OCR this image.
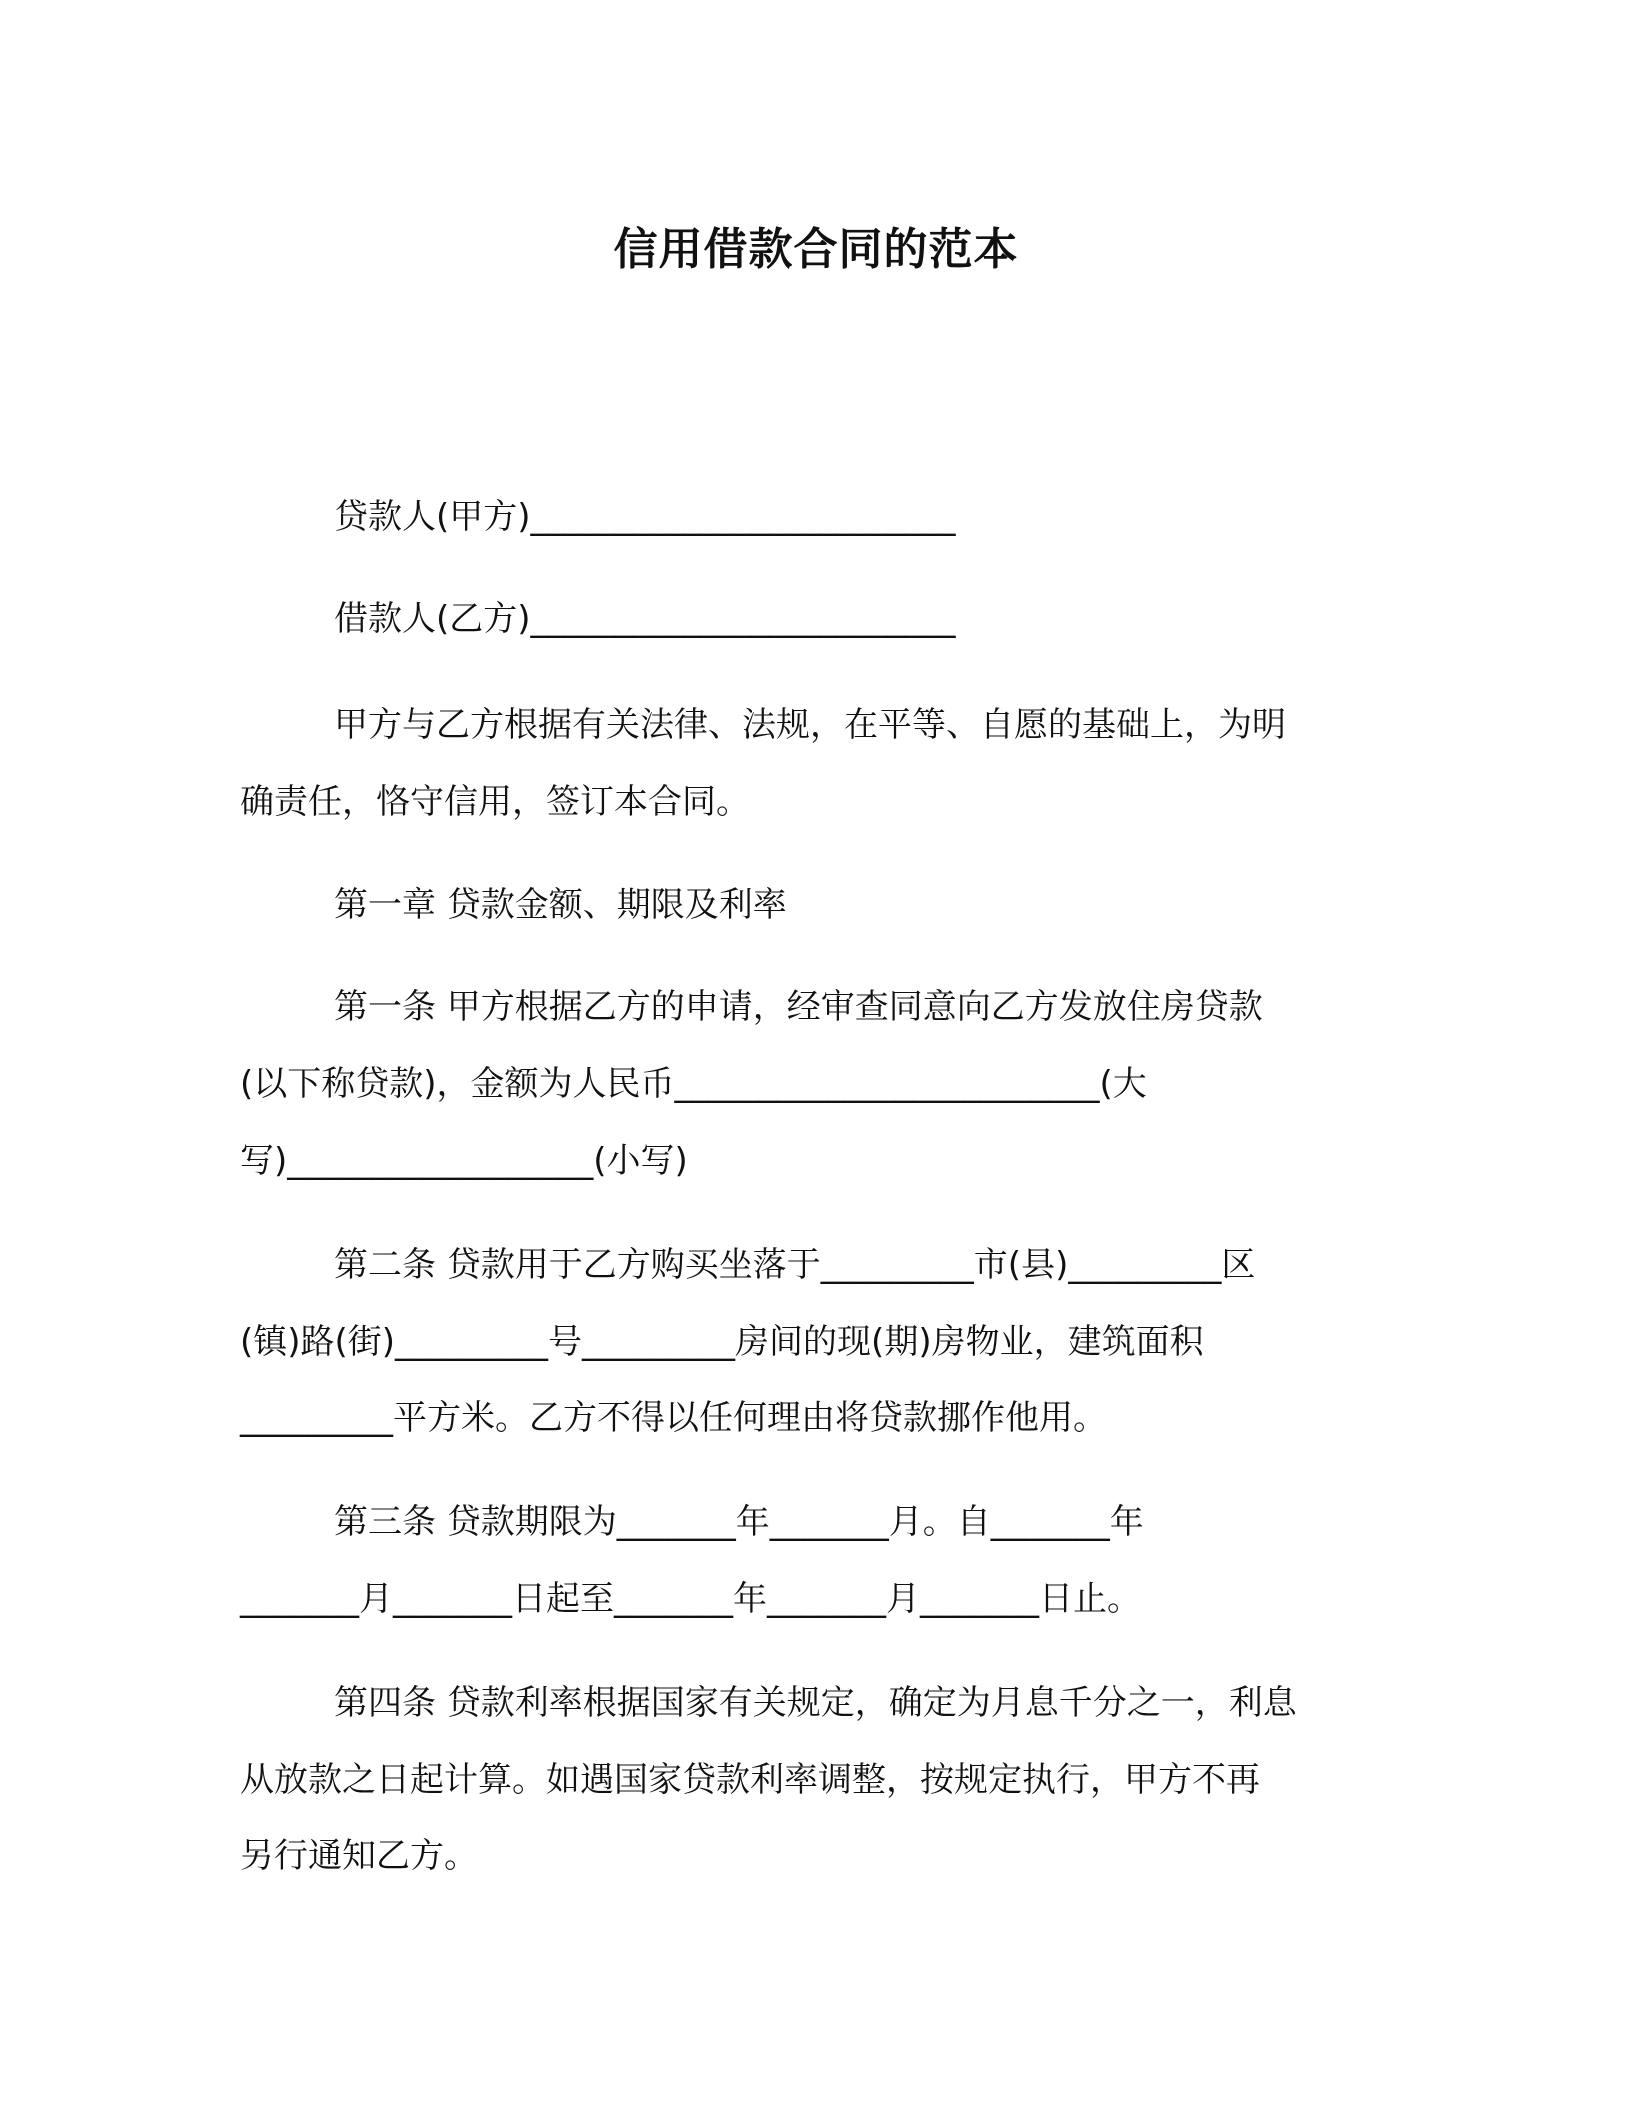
信用借款合同的范本
贷款人(甲方)_________________________
借款人(乙方)_________________________
甲方与乙方根据有关法律、法规，在平等、自愿的基础上，为明
确责任，恪守信用，签订本合同。
第一章 贷款金额、期限及利率
第一条 甲方根据乙方的申请，经审查同意向乙方发放住房贷款
(以下称贷款)，金额为人民币_________________________(大
写)__________________(小写)
第二条 贷款用于乙方购买坐落于_________市(县)_________区
(镇)路(街)_________号_________房间的现(期)房物业，建筑面积
_________平方米。乙方不得以任何理由将贷款挪作他用。
第三条 贷款期限为_______年_______月。自_______年
_______月_______日起至_______年_______月_______日止。
第四条 贷款利率根据国家有关规定，确定为月息千分之一，利息
从放款之日起计算。如遇国家贷款利率调整，按规定执行，甲方不再
另行通知乙方。
